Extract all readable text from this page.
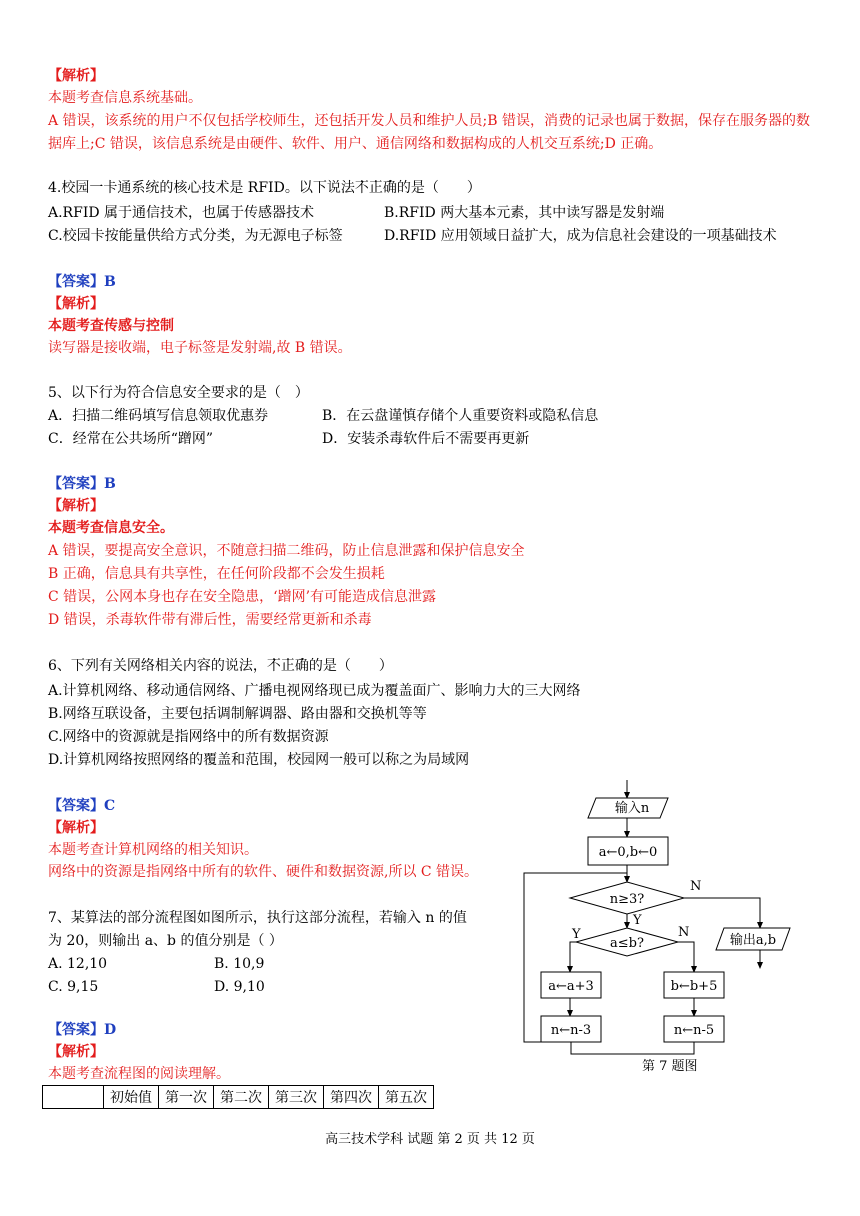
【解析】
本题考查信息系统基础。
A 错误，该系统的用户不仅包括学校师生，还包括开发人员和维护人员;B 错误，消费的记录也属于数据，保存在服务器的数据库上;C 错误，该信息系统是由硬件、软件、用户、通信网络和数据构成的人机交互系统;D 正确。
4.校园一卡通系统的核心技术是 RFID。以下说法不正确的是（　　）
A.RFID 属于通信技术，也属于传感器技术	B.RFID 两大基本元素，其中读写器是发射端
C.校园卡按能量供给方式分类，为无源电子标签	D.RFID 应用领域日益扩大，成为信息社会建设的一项基础技术
【答案】B
【解析】
本题考查传感与控制
读写器是接收端，电子标签是发射端,故 B 错误。
5、以下行为符合信息安全要求的是（　）
A．扫描二维码填写信息领取优惠券	B．在云盘谨慎存储个人重要资料或隐私信息
C．经常在公共场所“蹭网”	D．安装杀毒软件后不需要再更新
【答案】B
【解析】
本题考查信息安全。
A 错误，要提高安全意识，不随意扫描二维码，防止信息泄露和保护信息安全
B 正确，信息具有共享性，在任何阶段都不会发生损耗
C 错误，公网本身也存在安全隐患，‘蹭网’有可能造成信息泄露
D 错误，杀毒软件带有滞后性，需要经常更新和杀毒
6、下列有关网络相关内容的说法，不正确的是（　　）
A.计算机网络、移动通信网络、广播电视网络现已成为覆盖面广、影响力大的三大网络
B.网络互联设备，主要包括调制解调器、路由器和交换机等等
C.网络中的资源就是指网络中的所有数据资源
D.计算机网络按照网络的覆盖和范围，校园网一般可以称之为局域网
【答案】C
【解析】
本题考查计算机网络的相关知识。
网络中的资源是指网络中所有的软件、硬件和数据资源,所以 C 错误。
7、某算法的部分流程图如图所示，执行这部分流程，若输入 n 的值
为 20，则输出 a、b 的值分别是（ ）
A. 12,10	B. 10,9
C. 9,15	D. 9,10
【答案】D
【解析】
本题考查流程图的阅读理解。
	初始值	第一次	第二次	第三次	第四次	第五次
输入n
a←0,b←0
n≥3?
N
Y
a≤b?
Y	N
a←a+3
n←n-3
b←b+5
n←n-5
输出a,b
第 7 题图
高三技术学科 试题 第 2 页 共 12 页
